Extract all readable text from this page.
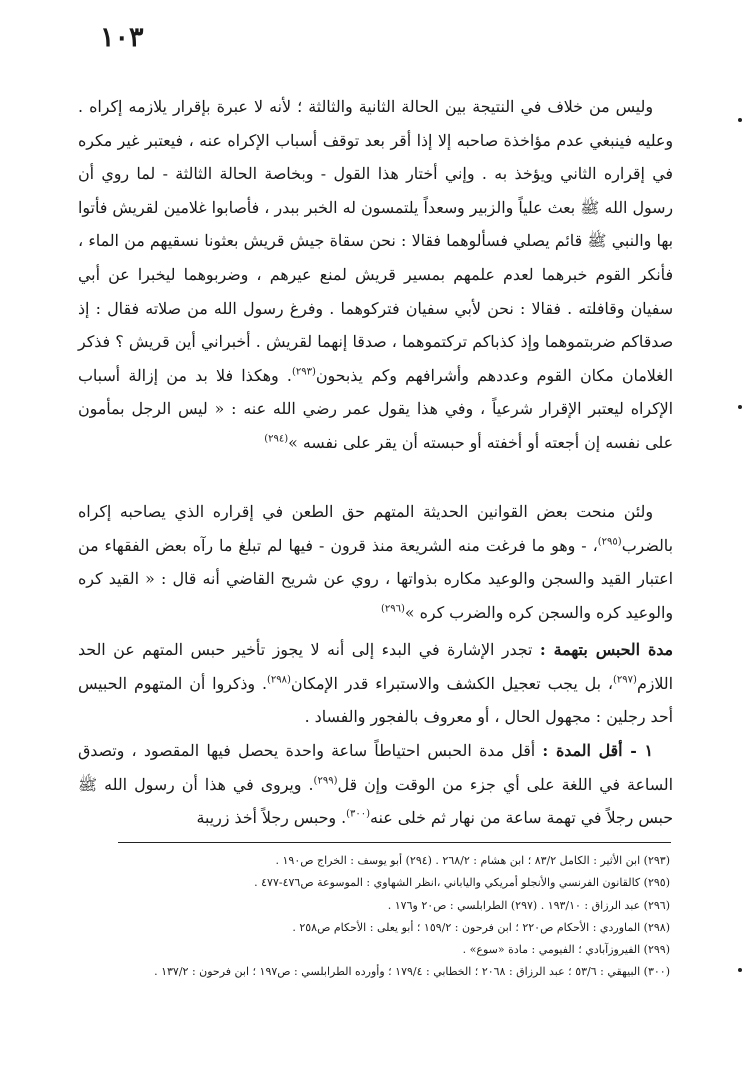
١٠٣

وليس من خلاف في النتيجة بين الحالة الثانية والثالثة ؛ لأنه لا عبرة بإقرار يلازمه إكراه . وعليه فينبغي عدم مؤاخذة صاحبه إلا إذا أقر بعد توقف أسباب الإكراه عنه ، فيعتبر غير مكره في إقراره الثاني ويؤخذ به . وإني أختار هذا القول - وبخاصة الحالة الثالثة - لما روي أن رسول الله ﷺ بعث علياً والزبير وسعداً يلتمسون له الخبر ببدر ، فأصابوا غلامين لقريش فأتوا بها والنبي ﷺ قائم يصلي فسألوهما فقالا : نحن سقاة جيش قريش بعثونا نسقيهم من الماء ، فأنكر القوم خبرهما لعدم علمهم بمسير قريش لمنع عيرهم ، وضربوهما ليخبرا عن أبي سفيان وقافلته . فقالا : نحن لأبي سفيان فتركوهما . وفرغ رسول الله من صلاته فقال : إذ صدقاكم ضربتموهما وإذ كذباكم تركتموهما ، صدقا إنهما لقريش . أخبراني أين قريش ؟ فذكر الغلامان مكان القوم وعددهم وأشرافهم وكم يذبحون$^{(٢٩٣)}$. وهكذا فلا بد من إزالة أسباب الإكراه ليعتبر الإقرار شرعياً ، وفي هذا يقول عمر رضي الله عنه : « ليس الرجل بمأمون على نفسه إن أجعته أو أخفته أو حبسته أن يقر على نفسه »$^{(٢٩٤)}$

ولئن منحت بعض القوانين الحديثة المتهم حق الطعن في إقراره الذي يصاحبه إكراه بالضرب$^{(٢٩٥)}$، - وهو ما فرغت منه الشريعة منذ قرون - فيها لم تبلغ ما رآه بعض الفقهاء من اعتبار القيد والسجن والوعيد مكاره بذواتها ، روي عن شريح القاضي أنه قال : « القيد كره والوعيد كره والسجن كره والضرب كره »$^{(٢٩٦)}$

مدة الحبس بتهمة : تجدر الإشارة في البدء إلى أنه لا يجوز تأخير حبس المتهم عن الحد اللازم$^{(٢٩٧)}$، بل يجب تعجيل الكشف والاستبراء قدر الإمكان$^{(٢٩٨)}$. وذكروا أن المتهوم الحبيس أحد رجلين : مجهول الحال ، أو معروف بالفجور والفساد .

١ - أقل المدة : أقل مدة الحبس احتياطاً ساعة واحدة يحصل فيها المقصود ، وتصدق الساعة في اللغة على أي جزء من الوقت وإن قل$^{(٢٩٩)}$. ويروى في هذا أن رسول الله ﷺ حبس رجلاً في تهمة ساعة من نهار ثم خلى عنه$^{(٣٠٠)}$. وحبس رجلاً أخذ زريبة

(٢٩٣) ابن الأثير : الكامل ٨٣/٢ ؛ ابن هشام : ٢٦٨/٢ . (٢٩٤) أبو يوسف : الخراج ص١٩٠ .
(٢٩٥) كالقانون الفرنسي والأنجلو أمريكي والياباني ،انظر الشهاوي : الموسوعة ص٤٧٦-٤٧٧ .
(٢٩٦) عبد الرزاق : ١٩٣/١٠ . (٢٩٧) الطرابلسي : ص٢٠ و١٧٦ .
(٢٩٨) الماوردي : الأحكام ص٢٢٠ ؛ ابن فرحون : ١٥٩/٢ ؛ أبو يعلى : الأحكام ص٢٥٨ .
(٢٩٩) الفيروزآبادي ؛ الفيومي : مادة «سوع» .
(٣٠٠) البيهقي : ٥٣/٦ ؛ عبد الرزاق : ٢٠٦٨ ؛ الخطابي : ١٧٩/٤ ؛ وأورده الطرابلسي : ص١٩٧ ؛ ابن فرحون : ١٣٧/٢ .
